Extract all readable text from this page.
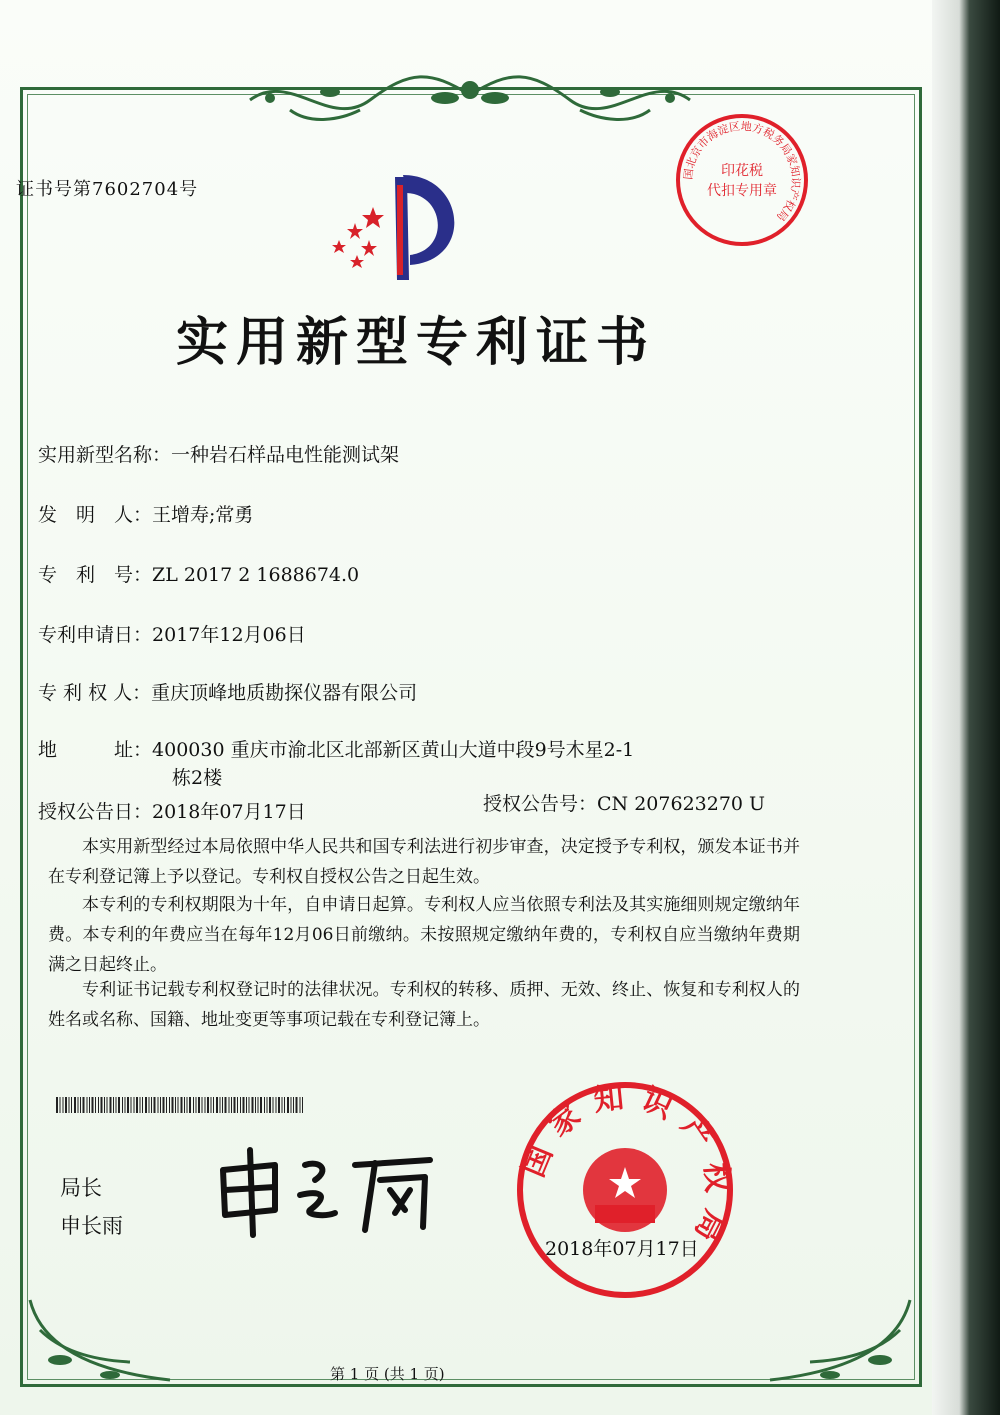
证书号第7602704号
国北京市海淀区地方税务局家知识产权局
印花税
代扣专用章
实用新型专利证书
实用新型名称：一种岩石样品电性能测试架
发　明　人：王增寿;常勇
专　利　号：ZL 2017 2 1688674.0
专利申请日：2017年12月06日
专 利 权 人：重庆顶峰地质勘探仪器有限公司
地　　　址：400030 重庆市渝北区北部新区黄山大道中段9号木星2-1
栋2楼
授权公告日：2018年07月17日	授权公告号：CN 207623270 U
本实用新型经过本局依照中华人民共和国专利法进行初步审查，决定授予专利权，颁发本证书并在专利登记簿上予以登记。专利权自授权公告之日起生效。
本专利的专利权期限为十年，自申请日起算。专利权人应当依照专利法及其实施细则规定缴纳年费。本专利的年费应当在每年12月06日前缴纳。未按照规定缴纳年费的，专利权自应当缴纳年费期满之日起终止。
专利证书记载专利权登记时的法律状况。专利权的转移、质押、无效、终止、恢复和专利权人的姓名或名称、国籍、地址变更等事项记载在专利登记簿上。
局长
申长雨
国家知识产权局
2018年07月17日
第 1 页 (共 1 页)
